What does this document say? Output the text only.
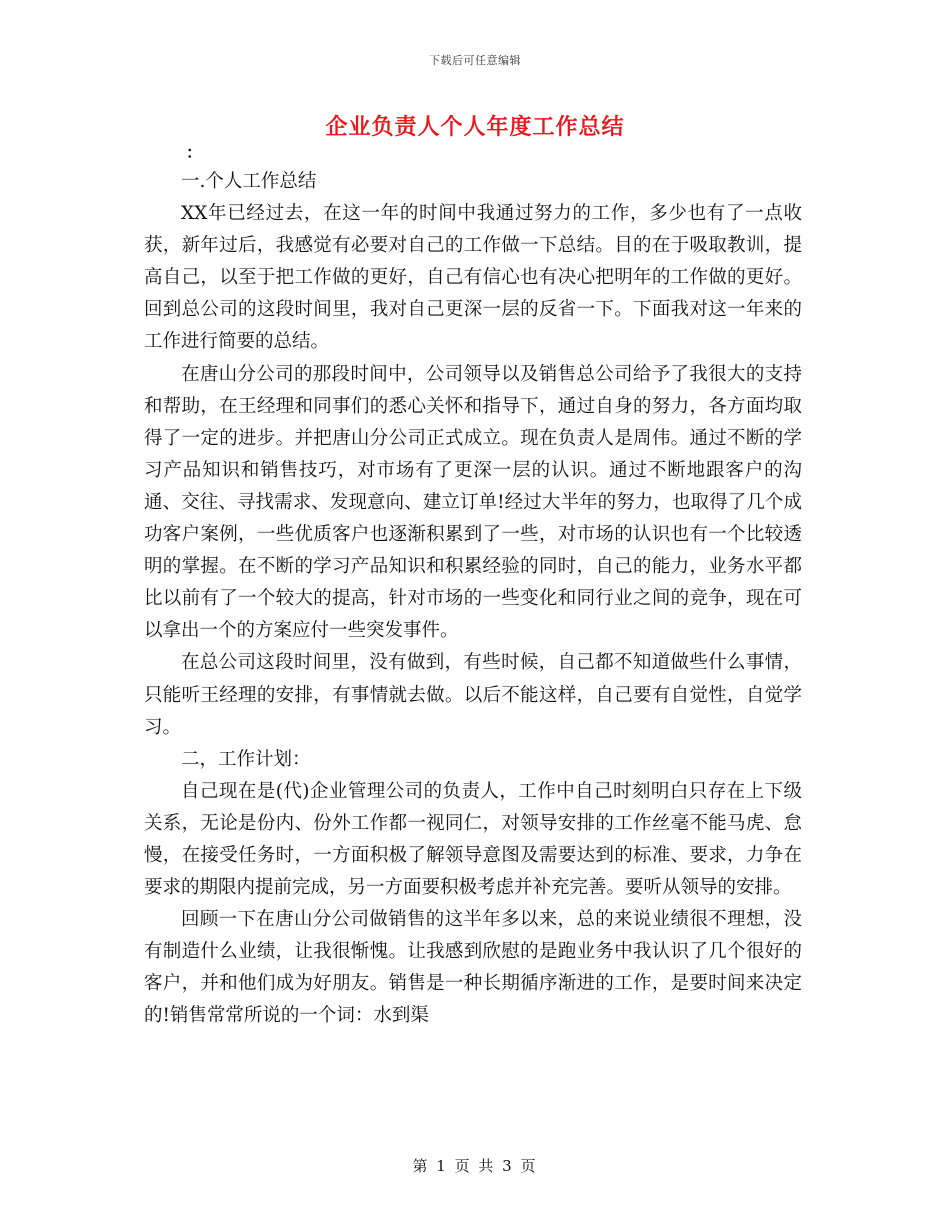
下载后可任意编辑
企业负责人个人年度工作总结
：

一.个人工作总结

XX年已经过去，在这一年的时间中我通过努力的工作，多少也有了一点收获，新年过后，我感觉有必要对自己的工作做一下总结。目的在于吸取教训，提高自己，以至于把工作做的更好，自己有信心也有决心把明年的工作做的更好。回到总公司的这段时间里，我对自己更深一层的反省一下。下面我对这一年来的工作进行简要的总结。

在唐山分公司的那段时间中，公司领导以及销售总公司给予了我很大的支持和帮助，在王经理和同事们的悉心关怀和指导下，通过自身的努力，各方面均取得了一定的进步。并把唐山分公司正式成立。现在负责人是周伟。通过不断的学习产品知识和销售技巧，对市场有了更深一层的认识。通过不断地跟客户的沟通、交往、寻找需求、发现意向、建立订单!经过大半年的努力，也取得了几个成功客户案例，一些优质客户也逐渐积累到了一些，对市场的认识也有一个比较透明的掌握。在不断的学习产品知识和积累经验的同时，自己的能力，业务水平都比以前有了一个较大的提高，针对市场的一些变化和同行业之间的竞争，现在可以拿出一个的方案应付一些突发事件。

在总公司这段时间里，没有做到，有些时候，自己都不知道做些什么事情，只能听王经理的安排，有事情就去做。以后不能这样，自己要有自觉性，自觉学习。

二，工作计划：

自己现在是(代)企业管理公司的负责人，工作中自己时刻明白只存在上下级关系，无论是份内、份外工作都一视同仁，对领导安排的工作丝毫不能马虎、怠慢，在接受任务时，一方面积极了解领导意图及需要达到的标准、要求，力争在要求的期限内提前完成，另一方面要积极考虑并补充完善。要听从领导的安排。

回顾一下在唐山分公司做销售的这半年多以来，总的来说业绩很不理想，没有制造什么业绩，让我很惭愧。让我感到欣慰的是跑业务中我认识了几个很好的客户，并和他们成为好朋友。销售是一种长期循序渐进的工作，是要时间来决定的!销售常常所说的一个词：水到渠

第 1 页 共 3 页
